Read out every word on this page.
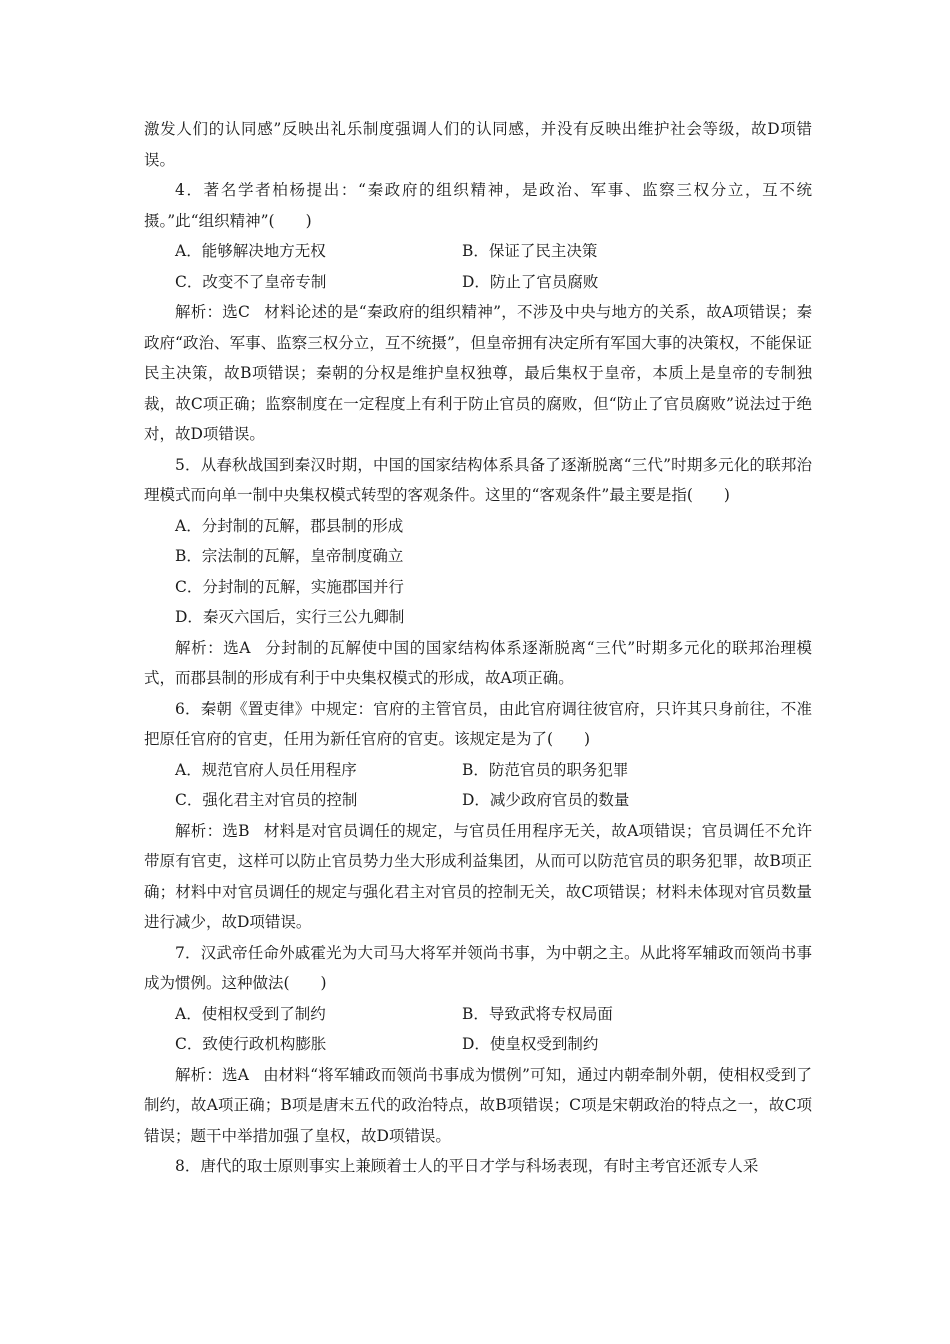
激发人们的认同感”反映出礼乐制度强调人们的认同感，并没有反映出维护社会等级，故D项错误。

4．著名学者柏杨提出：“秦政府的组织精神，是政治、军事、监察三权分立，互不统摄。”此“组织精神”(　　)

A．能够解决地方无权	B．保证了民主决策
C．改变不了皇帝专制	D．防止了官员腐败

解析：选C 材料论述的是“秦政府的组织精神”，不涉及中央与地方的关系，故A项错误；秦政府“政治、军事、监察三权分立，互不统摄”，但皇帝拥有决定所有军国大事的决策权，不能保证民主决策，故B项错误；秦朝的分权是维护皇权独尊，最后集权于皇帝，本质上是皇帝的专制独裁，故C项正确；监察制度在一定程度上有利于防止官员的腐败，但“防止了官员腐败”说法过于绝对，故D项错误。

5．从春秋战国到秦汉时期，中国的国家结构体系具备了逐渐脱离“三代”时期多元化的联邦治理模式而向单一制中央集权模式转型的客观条件。这里的“客观条件”最主要是指(　　)

A．分封制的瓦解，郡县制的形成
B．宗法制的瓦解，皇帝制度确立
C．分封制的瓦解，实施郡国并行
D．秦灭六国后，实行三公九卿制

解析：选A 分封制的瓦解使中国的国家结构体系逐渐脱离“三代”时期多元化的联邦治理模式，而郡县制的形成有利于中央集权模式的形成，故A项正确。

6．秦朝《置吏律》中规定：官府的主管官员，由此官府调往彼官府，只许其只身前往，不准把原任官府的官吏，任用为新任官府的官吏。该规定是为了(　　)

A．规范官府人员任用程序	B．防范官员的职务犯罪
C．强化君主对官员的控制	D．减少政府官员的数量

解析：选B 材料是对官员调任的规定，与官员任用程序无关，故A项错误；官员调任不允许带原有官吏，这样可以防止官员势力坐大形成利益集团，从而可以防范官员的职务犯罪，故B项正确；材料中对官员调任的规定与强化君主对官员的控制无关，故C项错误；材料未体现对官员数量进行减少，故D项错误。

7．汉武帝任命外戚霍光为大司马大将军并领尚书事，为中朝之主。从此将军辅政而领尚书事成为惯例。这种做法(　　)

A．使相权受到了制约	B．导致武将专权局面
C．致使行政机构膨胀	D．使皇权受到制约

解析：选A 由材料“将军辅政而领尚书事成为惯例”可知，通过内朝牵制外朝，使相权受到了制约，故A项正确；B项是唐末五代的政治特点，故B项错误；C项是宋朝政治的特点之一，故C项错误；题干中举措加强了皇权，故D项错误。

8．唐代的取士原则事实上兼顾着士人的平日才学与科场表现，有时主考官还派专人采
